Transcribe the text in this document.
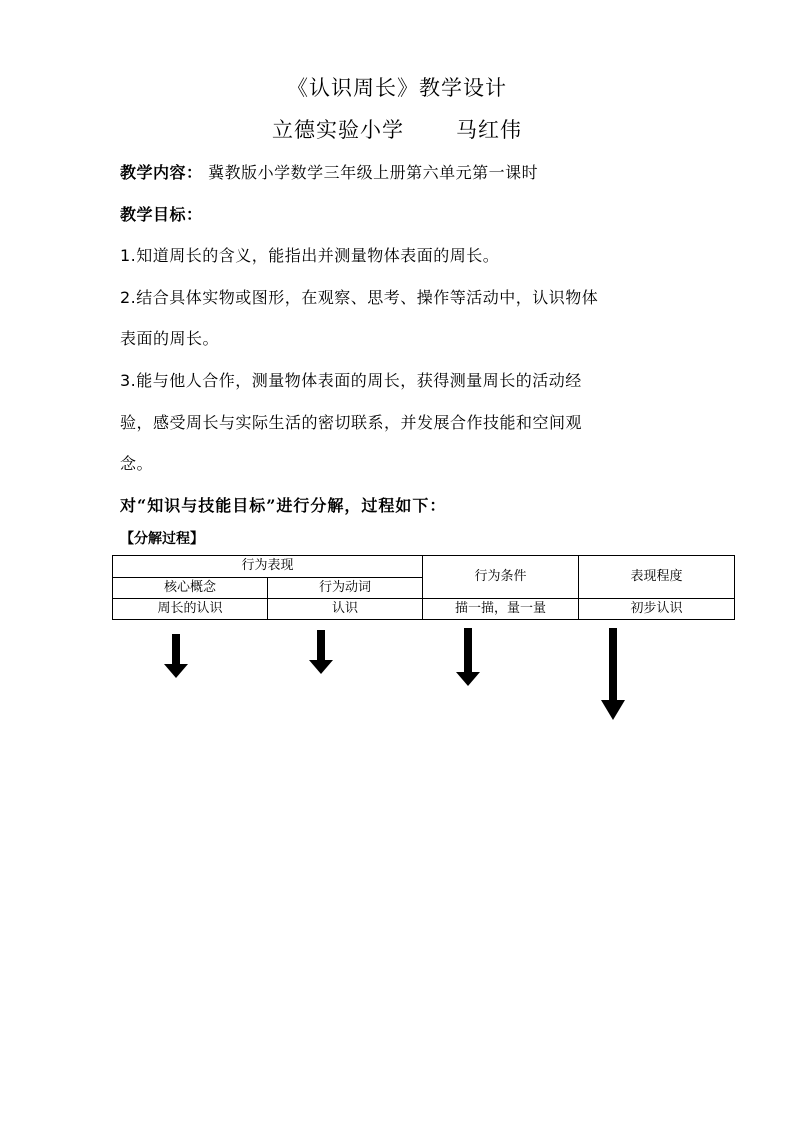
《认识周长》教学设计
立德实验小学 马红伟
教学内容： 冀教版小学数学三年级上册第六单元第一课时
教学目标：
1.知道周长的含义，能指出并测量物体表面的周长。
2.结合具体实物或图形，在观察、思考、操作等活动中，认识物体
表面的周长。
3.能与他人合作，测量物体表面的周长，获得测量周长的活动经
验，感受周长与实际生活的密切联系，并发展合作技能和空间观
念。
对“知识与技能目标”进行分解，过程如下：
【分解过程】
行为表现		行为条件	表现程度
核心概念	行为动词		
周长的认识	认识	描一描，量一量	初步认识
